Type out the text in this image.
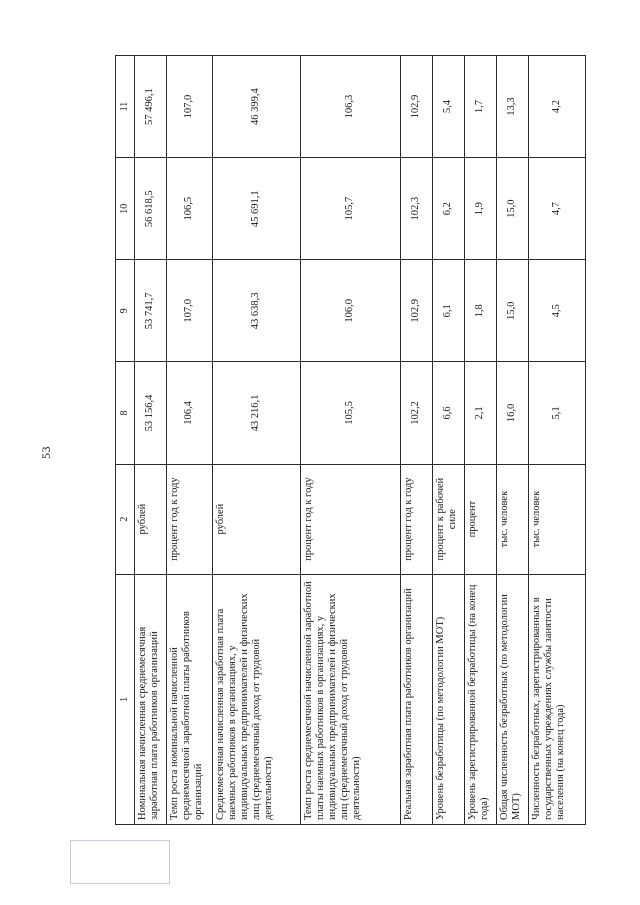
53
1	2	8	9	10	11
Номинальная начисленная среднемесячная заработная плата работников организаций	рублей	53 156,4	53 741,7	56 618,5	57 496,1
Темп роста номинальной начисленной среднемесячной заработной платы работников организаций	процент год к году	106,4	107,0	106,5	107,0
Среднемесячная начисленная заработная плата наемных работников в организациях, у индивидуальных предпринимателей и физических лиц (среднемесячный доход от трудовой деятельности)	рублей	43 216,1	43 638,3	45 691,1	46 399,4
Темп роста среднемесячной начисленной заработной платы наемных работников в организациях, у индивидуальных предпринимателей и физических лиц (среднемесячный доход от трудовой деятельности)	процент год к году	105,5	106,0	105,7	106,3
Реальная заработная плата работников организаций	процент год к году	102,2	102,9	102,3	102,9
Уровень безработицы (по методологии МОТ)	процент к рабочей силе	6,6	6,1	6,2	5,4
Уровень зарегистрированной безработицы (на конец года)	процент	2,1	1,8	1,9	1,7
Общая численность безработных (по методологии МОТ)	тыс. человек	16,0	15,0	15,0	13,3
Численность безработных, зарегистрированных в государственных учреждениях службы занятости населения (на конец года)	тыс. человек	5,1	4,5	4,7	4,2
